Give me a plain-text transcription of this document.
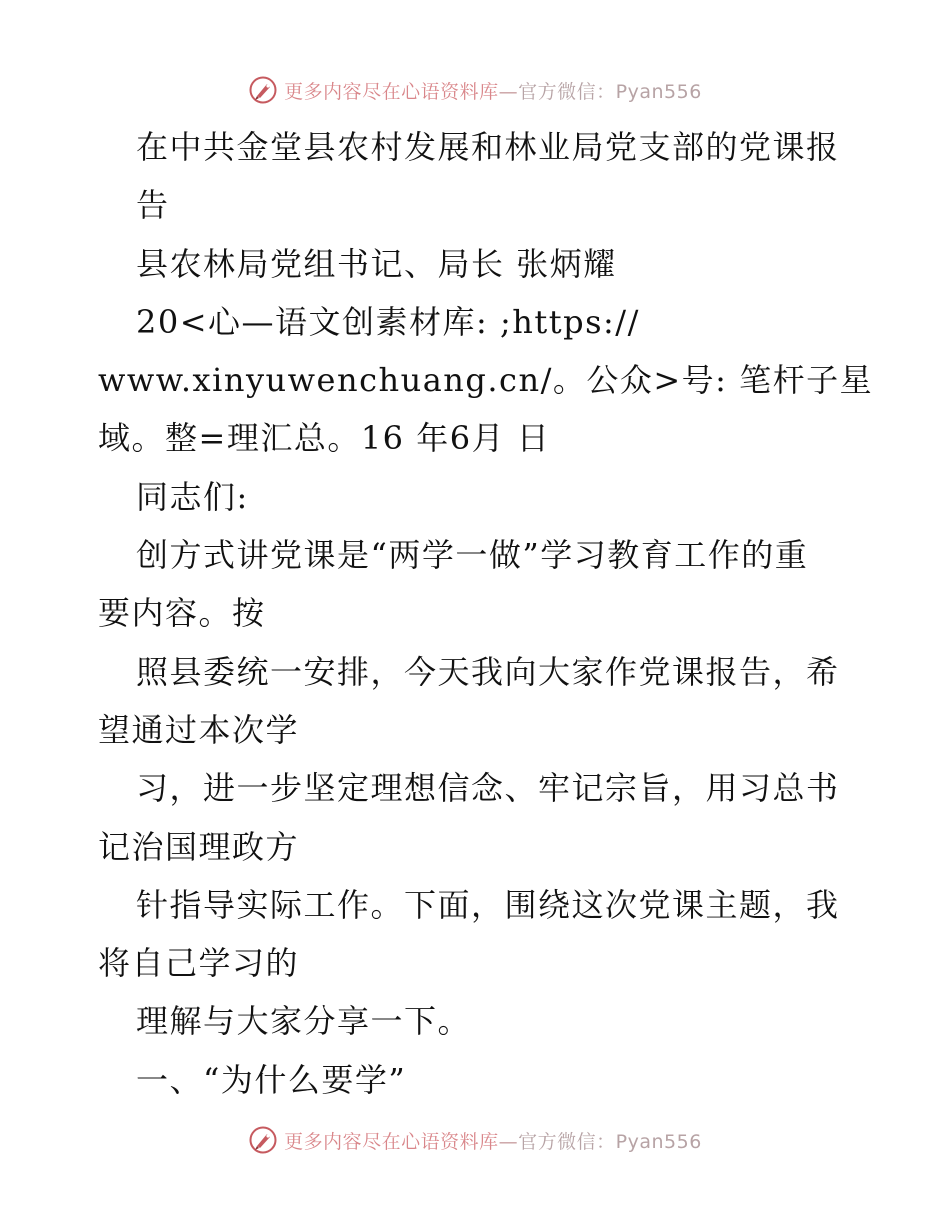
更多内容尽在心语资料库—官方微信：Pyan556
在中共金堂县农村发展和林业局党支部的党课报
告
县农林局党组书记、局长 张炳耀
20<心—语文创素材库: ;https://
www.xinyuwenchuang.cn/。公众>号: 笔杆子星
域。整=理汇总。16 年6月 日
同志们:
创方式讲党课是“两学一做”学习教育工作的重
要内容。按
照县委统一安排，今天我向大家作党课报告，希
望通过本次学
习，进一步坚定理想信念、牢记宗旨，用习总书
记治国理政方
针指导实际工作。下面，围绕这次党课主题，我
将自己学习的
理解与大家分享一下。
一、“为什么要学”
更多内容尽在心语资料库—官方微信：Pyan556
